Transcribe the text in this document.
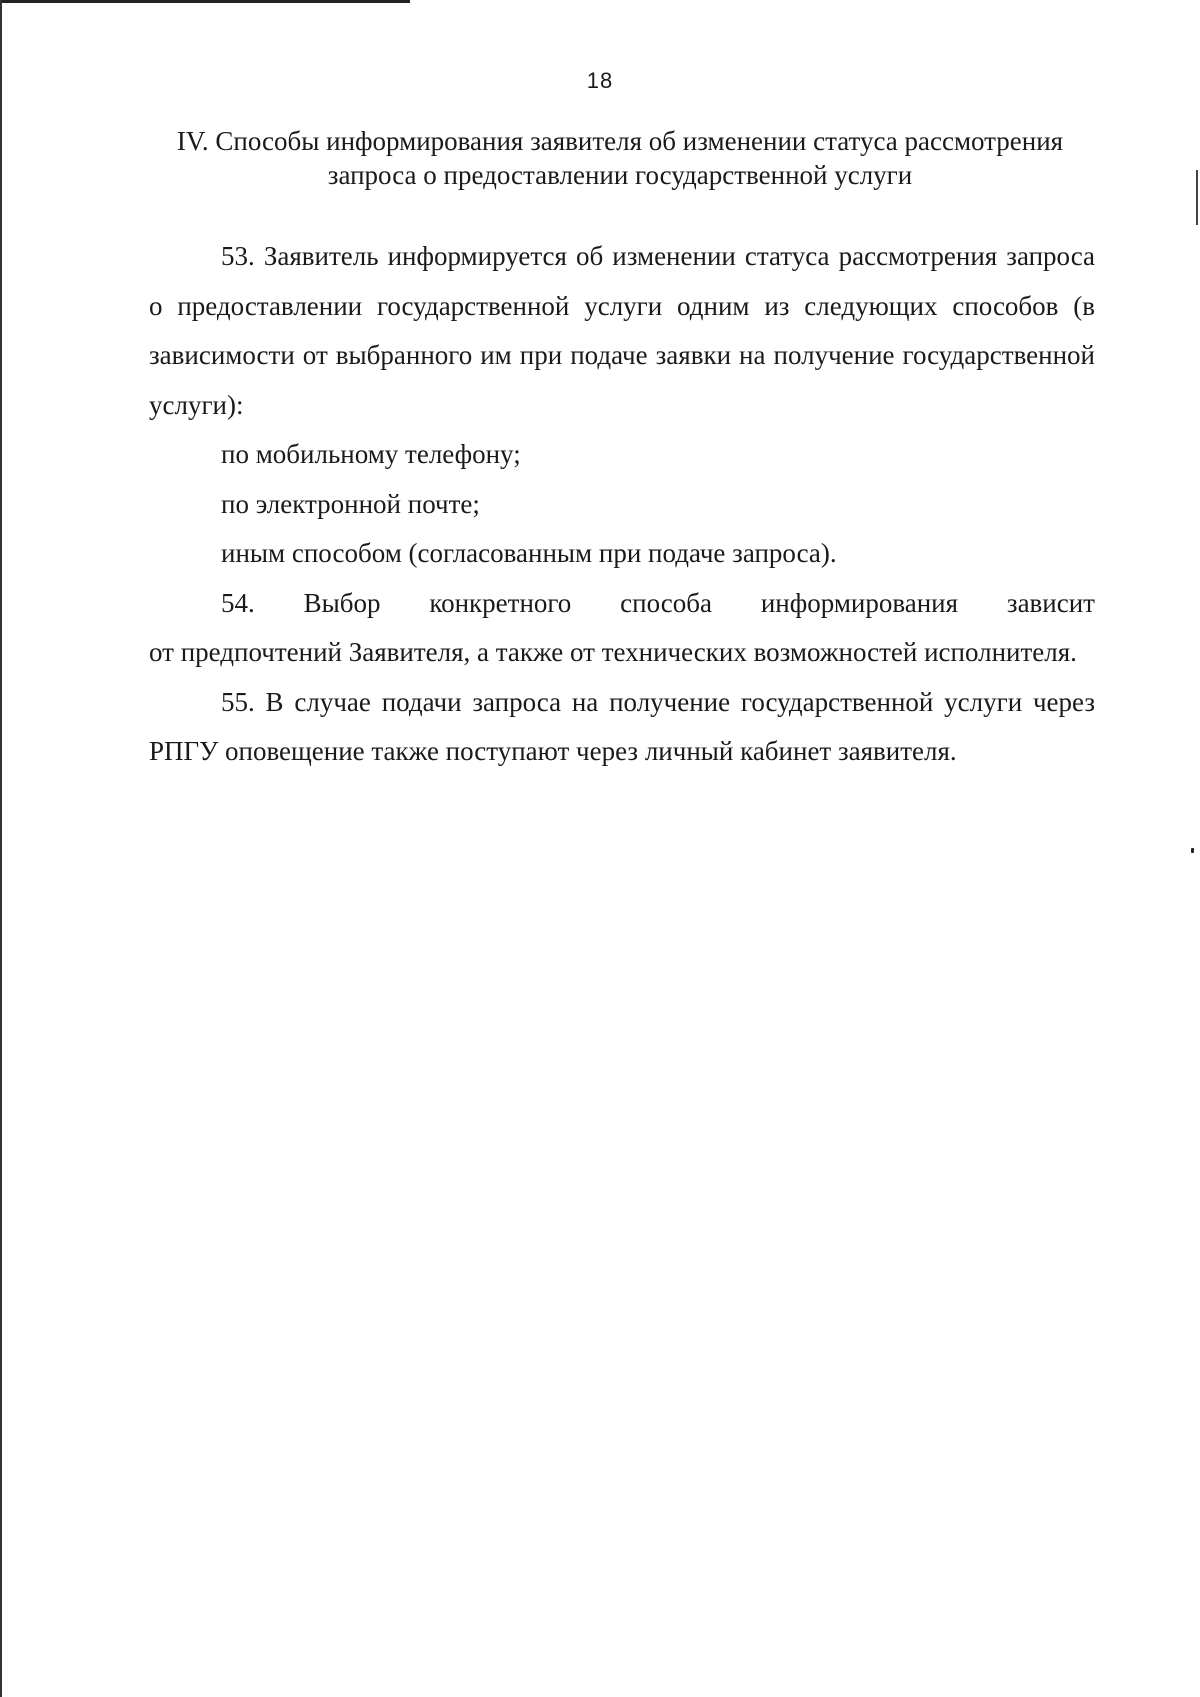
18
IV. Способы информирования заявителя об изменении статуса рассмотрения
запроса о предоставлении государственной услуги

53. Заявитель информируется об изменении статуса рассмотрения запроса о предоставлении государственной услуги одним из следующих способов (в зависимости от выбранного им при подаче заявки на получение государственной услуги):

по мобильному телефону;

по электронной почте;

иным способом (согласованным при подаче запроса).

54. Выбор конкретного способа информирования зависит

от предпочтений Заявителя, а также от технических возможностей исполнителя.

55. В случае подачи запроса на получение государственной услуги через РПГУ оповещение также поступают через личный кабинет заявителя.
